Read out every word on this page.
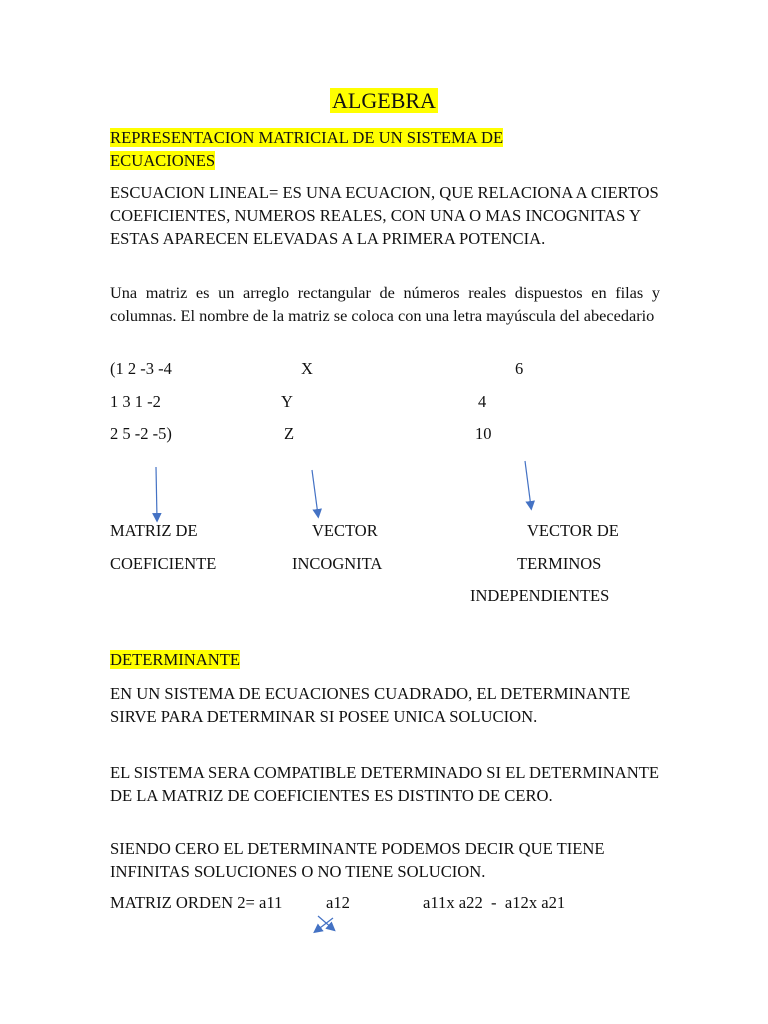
ALGEBRA
REPRESENTACION MATRICIAL DE UN SISTEMA DE
ECUACIONES
ESCUACION LINEAL= ES UNA ECUACION, QUE RELACIONA A CIERTOS COEFICIENTES, NUMEROS REALES, CON UNA O MAS INCOGNITAS Y ESTAS APARECEN ELEVADAS A LA PRIMERA POTENCIA.
Una matriz es un arreglo rectangular de números reales dispuestos en filas y columnas. El nombre de la matriz se coloca con una letra mayúscula del abecedario
(1 2 -3 -4	X	6
1 3 1 -2	Y	4
2 5 -2 -5)	Z	10
MATRIZ DE
COEFICIENTE
VECTOR
INCOGNITA
VECTOR DE
TERMINOS
INDEPENDIENTES
DETERMINANTE
EN UN SISTEMA DE ECUACIONES CUADRADO, EL DETERMINANTE SIRVE PARA DETERMINAR SI POSEE UNICA SOLUCION.
EL SISTEMA SERA COMPATIBLE DETERMINADO SI EL DETERMINANTE DE LA MATRIZ DE COEFICIENTES ES DISTINTO DE CERO.
SIENDO CERO EL DETERMINANTE PODEMOS DECIR QUE TIENE INFINITAS SOLUCIONES O NO TIENE SOLUCION.
MATRIZ ORDEN 2= a11	a12	a11x a22  -  a12x a21
